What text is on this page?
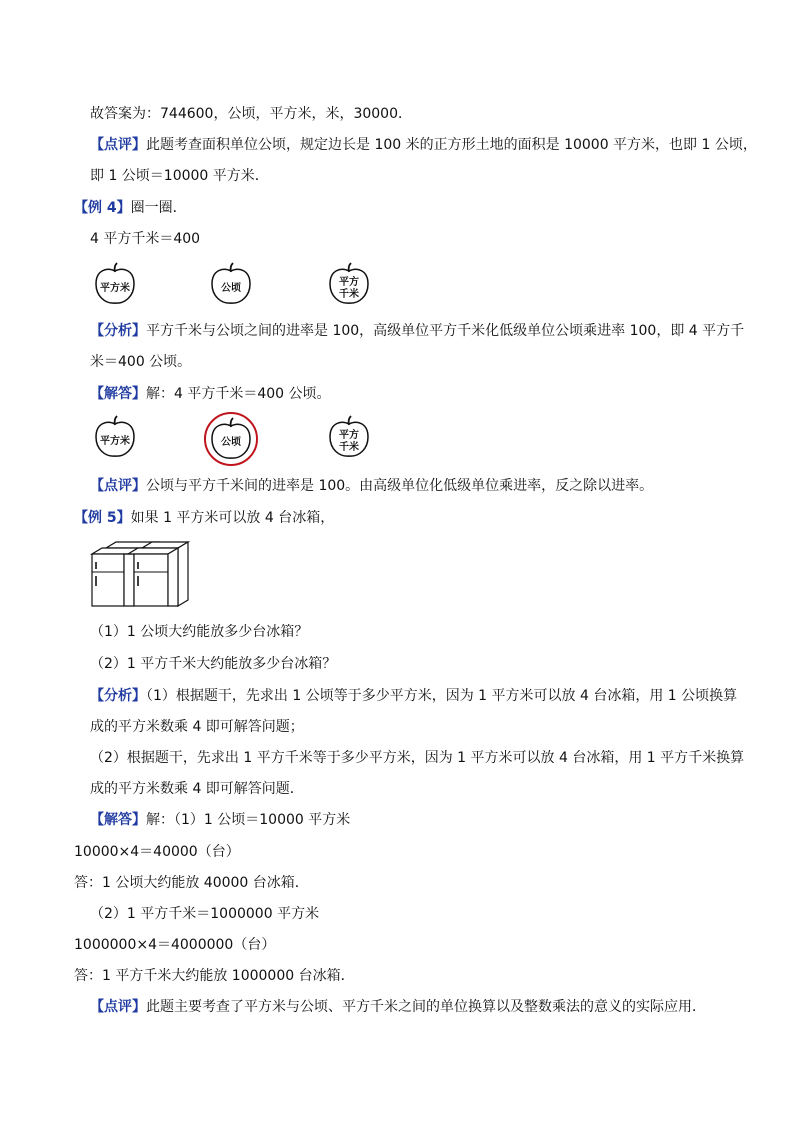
故答案为：744600，公顷，平方米，米，30000．
【点评】此题考查面积单位公顷，规定边长是 100 米的正方形土地的面积是 10000 平方米，也即 1 公顷，
即 1 公顷＝10000 平方米．
【例 4】圈一圈．
4 平方千米＝400
平方米	公顷
平方
千米
【分析】平方千米与公顷之间的进率是 100，高级单位平方千米化低级单位公顷乘进率 100，即 4 平方千
米＝400 公顷。
【解答】解：4 平方千米＝400 公顷。
平方米	公顷
平方
千米
【点评】公顷与平方千米间的进率是 100。由高级单位化低级单位乘进率，反之除以进率。
【例 5】如果 1 平方米可以放 4 台冰箱，
（1）1 公顷大约能放多少台冰箱？
（2）1 平方千米大约能放多少台冰箱？
【分析】（1）根据题干，先求出 1 公顷等于多少平方米，因为 1 平方米可以放 4 台冰箱，用 1 公顷换算
成的平方米数乘 4 即可解答问题；
（2）根据题干，先求出 1 平方千米等于多少平方米，因为 1 平方米可以放 4 台冰箱，用 1 平方千米换算
成的平方米数乘 4 即可解答问题．
【解答】解：（1）1 公顷＝10000 平方米
10000×4＝40000（台）
答：1 公顷大约能放 40000 台冰箱．
（2）1 平方千米＝1000000 平方米
1000000×4＝4000000（台）
答：1 平方千米大约能放 1000000 台冰箱．
【点评】此题主要考查了平方米与公顷、平方千米之间的单位换算以及整数乘法的意义的实际应用．
